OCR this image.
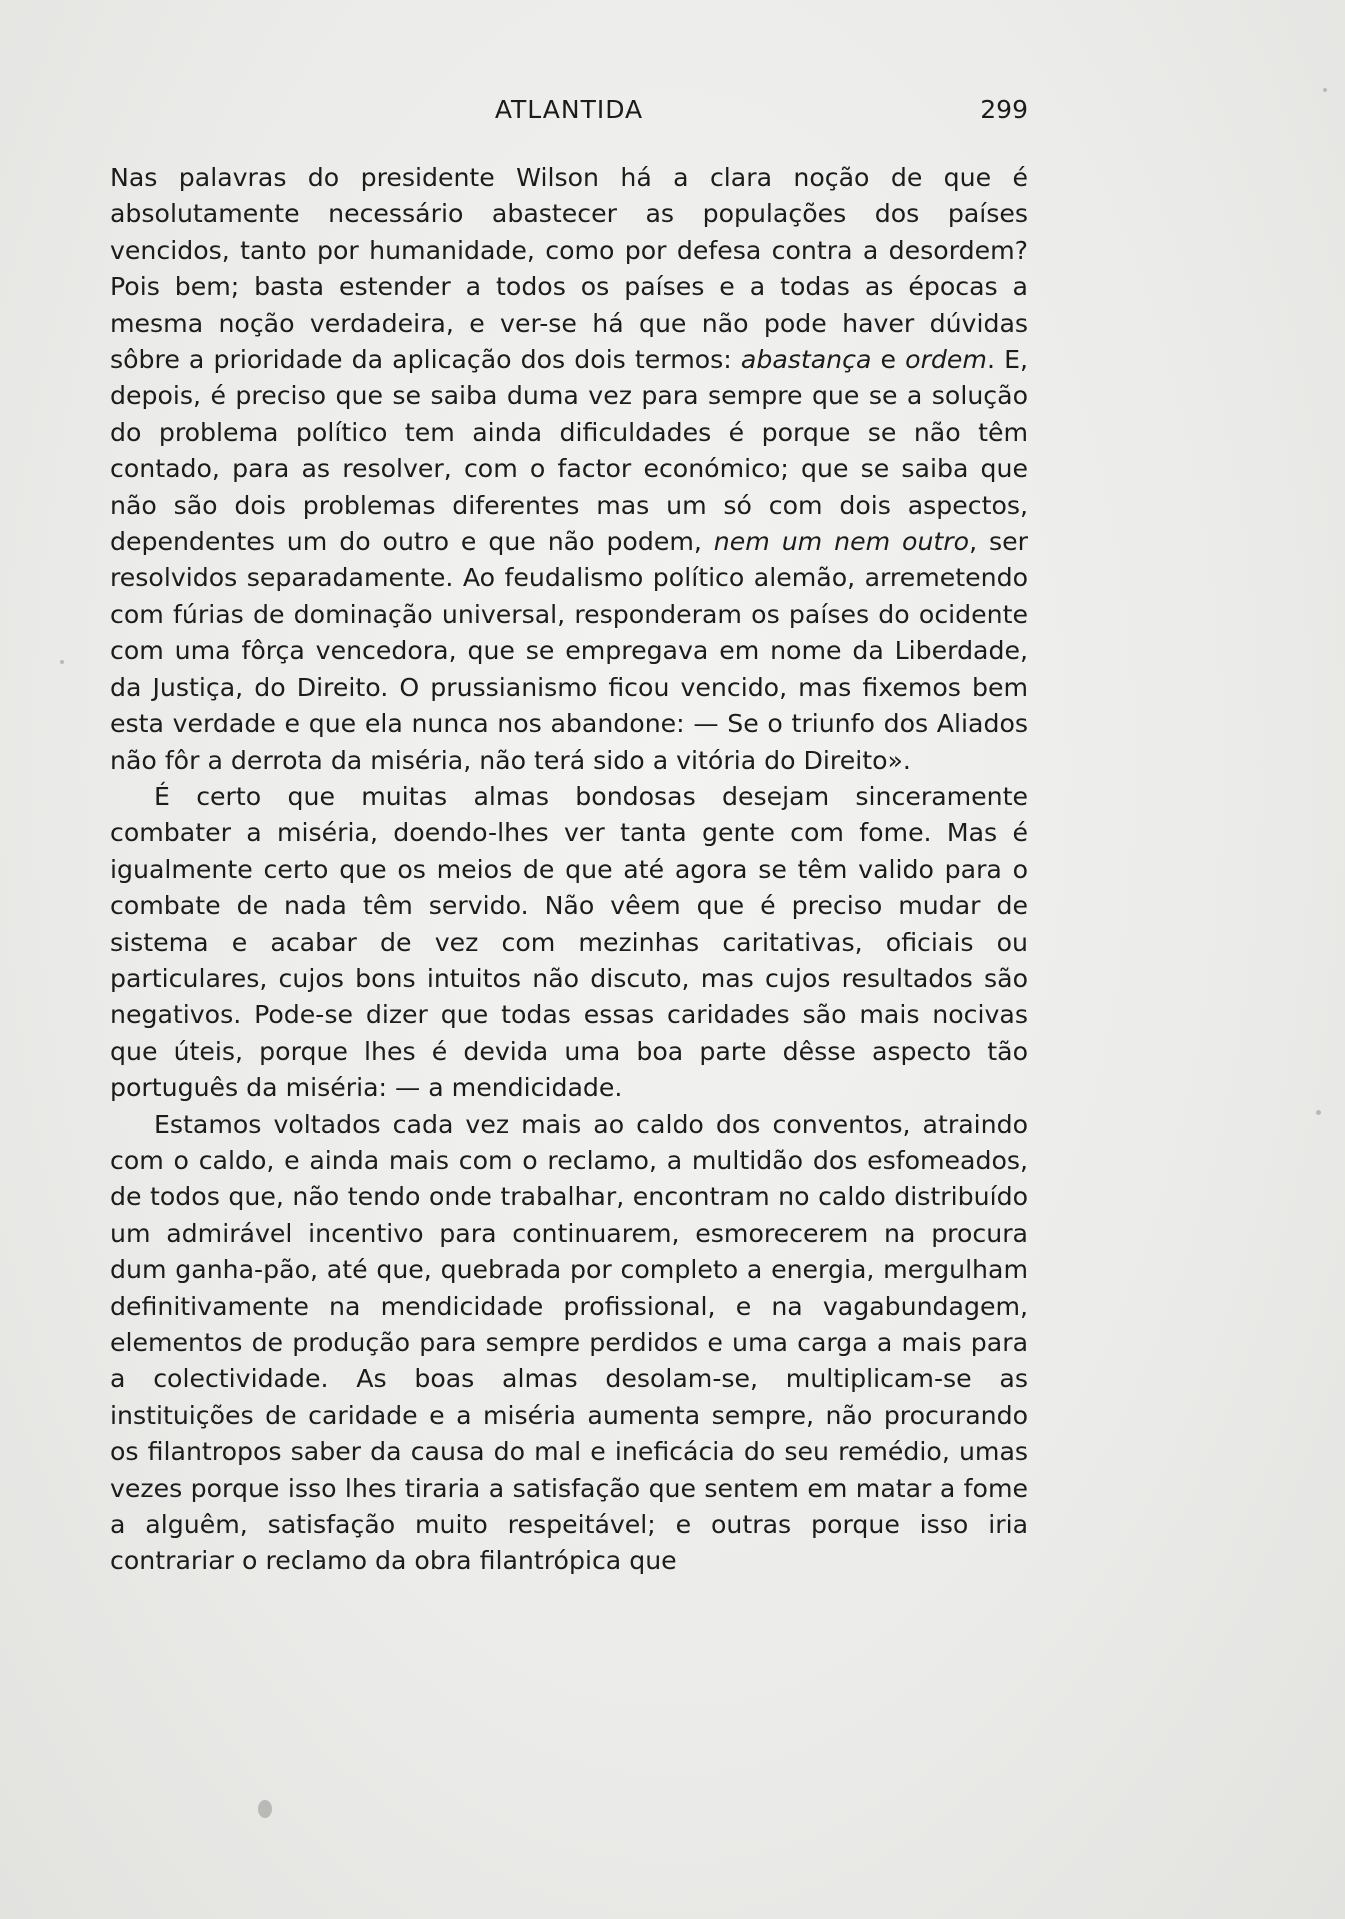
ATLANTIDA	299

Nas palavras do presidente Wilson há a clara noção de que é absolutamente necessário abastecer as populações dos países vencidos, tanto por humanidade, como por defesa contra a desordem? Pois bem; basta estender a todos os países e a todas as épocas a mesma noção verdadeira, e ver-se há que não pode haver dúvidas sôbre a prioridade da aplicação dos dois termos: abastança e ordem. E, depois, é preciso que se saiba duma vez para sempre que se a solução do problema político tem ainda dificuldades é porque se não têm contado, para as resolver, com o factor económico; que se saiba que não são dois problemas diferentes mas um só com dois aspectos, dependentes um do outro e que não podem, nem um nem outro, ser resolvidos separadamente. Ao feudalismo político alemão, arremetendo com fúrias de dominação universal, responderam os países do ocidente com uma fôrça vencedora, que se empregava em nome da Liberdade, da Justiça, do Direito. O prussianismo ficou vencido, mas fixemos bem esta verdade e que ela nunca nos abandone: — Se o triunfo dos Aliados não fôr a derrota da miséria, não terá sido a vitória do Direito».

É certo que muitas almas bondosas desejam sinceramente combater a miséria, doendo-lhes ver tanta gente com fome. Mas é igualmente certo que os meios de que até agora se têm valido para o combate de nada têm servido. Não vêem que é preciso mudar de sistema e acabar de vez com mezinhas caritativas, oficiais ou particulares, cujos bons intuitos não discuto, mas cujos resultados são negativos. Pode-se dizer que todas essas caridades são mais nocivas que úteis, porque lhes é devida uma boa parte dêsse aspecto tão português da miséria: — a mendicidade.

Estamos voltados cada vez mais ao caldo dos conventos, atraindo com o caldo, e ainda mais com o reclamo, a multidão dos esfomeados, de todos que, não tendo onde trabalhar, encontram no caldo distribuído um admirável incentivo para continuarem, esmorecerem na procura dum ganha-pão, até que, quebrada por completo a energia, mergulham definitivamente na mendicidade profissional, e na vagabundagem, elementos de produção para sempre perdidos e uma carga a mais para a colectividade. As boas almas desolam-se, multiplicam-se as instituições de caridade e a miséria aumenta sempre, não procurando os filantropos saber da causa do mal e ineficácia do seu remédio, umas vezes porque isso lhes tiraria a satisfação que sentem em matar a fome a alguêm, satisfação muito respeitável; e outras porque isso iria contrariar o reclamo da obra filantrópica que
